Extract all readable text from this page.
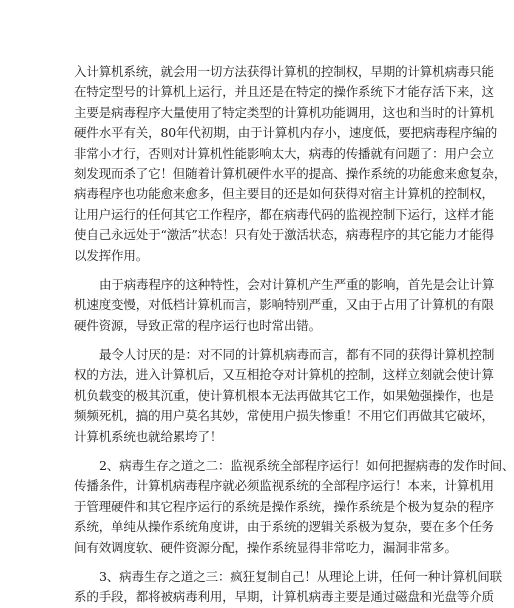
入计算机系统，就会用一切方法获得计算机的控制权，早期的计算机病毒只能
在特定型号的计算机上运行，并且还是在特定的操作系统下才能存活下来，这
主要是病毒程序大量使用了特定类型的计算机功能调用，这也和当时的计算机
硬件水平有关，80年代初期，由于计算机内存小，速度低，要把病毒程序编的
非常小才行，否则对计算机性能影响太大，病毒的传播就有问题了：用户会立
刻发现而杀了它！但随着计算机硬件水平的提高、操作系统的功能愈来愈复杂，
病毒程序也功能愈来愈多，但主要目的还是如何获得对宿主计算机的控制权，
让用户运行的任何其它工作程序，都在病毒代码的监视控制下运行，这样才能
使自己永远处于“激活”状态！只有处于激活状态，病毒程序的其它能力才能得
以发挥作用。
由于病毒程序的这种特性，会对计算机产生严重的影响，首先是会让计算
机速度变慢，对低档计算机而言，影响特别严重，又由于占用了计算机的有限
硬件资源，导致正常的程序运行也时常出错。
最令人讨厌的是：对不同的计算机病毒而言，都有不同的获得计算机控制
权的方法，进入计算机后，又互相抢夺对计算机的控制，这样立刻就会使计算
机负载变的极其沉重，使计算机根本无法再做其它工作，如果勉强操作，也是
频频死机，搞的用户莫名其妙，常使用户损失惨重！不用它们再做其它破坏，
计算机系统也就给累垮了！
2、病毒生存之道之二：监视系统全部程序运行！如何把握病毒的发作时间、
传播条件，计算机病毒程序就必须监视系统的全部程序运行！本来，计算机用
于管理硬件和其它程序运行的系统是操作系统，操作系统是个极为复杂的程序
系统，单纯从操作系统角度讲，由于系统的逻辑关系极为复杂，要在多个任务
间有效调度软、硬件资源分配，操作系统显得非常吃力，漏洞非常多。
3、病毒生存之道之三：疯狂复制自己！从理论上讲，任何一种计算机间联
系的手段，都将被病毒利用，早期，计算机病毒主要是通过磁盘和光盘等介质
